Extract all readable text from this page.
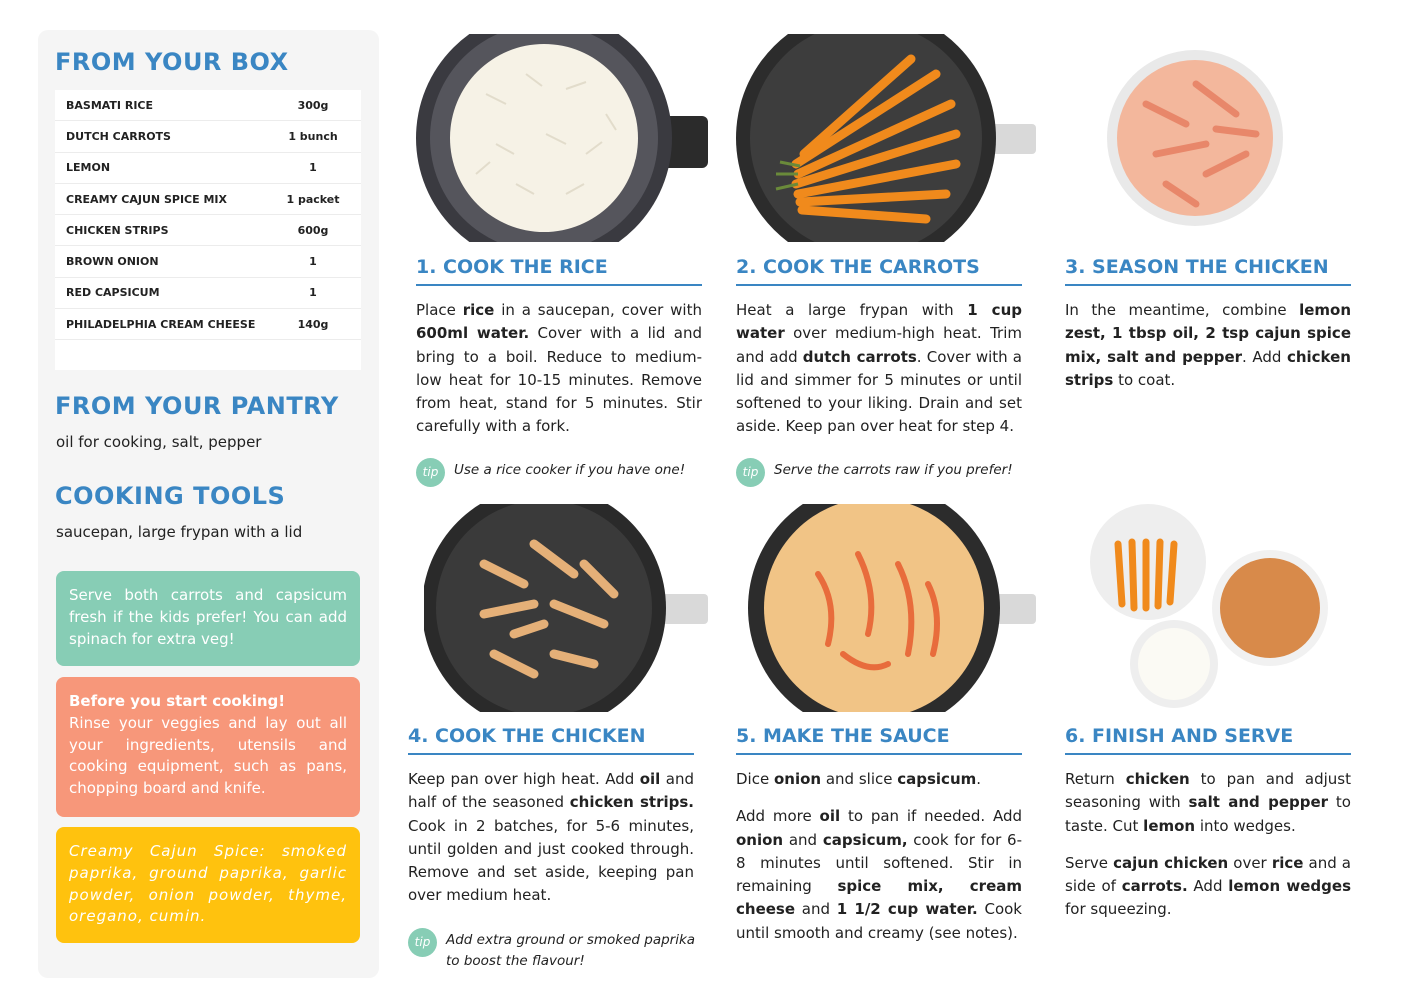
FROM YOUR BOX
BASMATI RICE	300g
DUTCH CARROTS	1 bunch
LEMON	1
CREAMY CAJUN SPICE MIX	1 packet
CHICKEN STRIPS	600g
BROWN ONION	1
RED CAPSICUM	1
PHILADELPHIA CREAM CHEESE	140g
FROM YOUR PANTRY
oil for cooking, salt, pepper
COOKING TOOLS
saucepan, large frypan with a lid
Serve both carrots and capsicum fresh if the kids prefer! You can add spinach for extra veg!
Before you start cooking!
Rinse your veggies and lay out all your ingredients, utensils and cooking equipment, such as pans, chopping board and knife.
Creamy Cajun Spice: smoked paprika, ground paprika, garlic powder, onion powder, thyme, oregano, cumin.
1. COOK THE RICE
Place rice in a saucepan, cover with 600ml water. Cover with a lid and bring to a boil. Reduce to medium-low heat for 10-15 minutes. Remove from heat, stand for 5 minutes. Stir carefully with a fork.
tip	Use a rice cooker if you have one!
2. COOK THE CARROTS
Heat a large frypan with 1 cup water over medium-high heat. Trim and add dutch carrots. Cover with a lid and simmer for 5 minutes or until softened to your liking. Drain and set aside. Keep pan over heat for step 4.
tip	Serve the carrots raw if you prefer!
3. SEASON THE CHICKEN
In the meantime, combine lemon zest, 1 tbsp oil, 2 tsp cajun spice mix, salt and pepper. Add chicken strips to coat.
4. COOK THE CHICKEN
Keep pan over high heat. Add oil and half of the seasoned chicken strips. Cook in 2 batches, for 5-6 minutes, until golden and just cooked through. Remove and set aside, keeping pan over medium heat.
tip	Add extra ground or smoked paprika to boost the flavour!
5. MAKE THE SAUCE

Dice onion and slice capsicum.

Add more oil to pan if needed. Add onion and capsicum, cook for for 6-8 minutes until softened. Stir in remaining spice mix, cream cheese and 1 1/2 cup water. Cook until smooth and creamy (see notes).

6. FINISH AND SERVE

Return chicken to pan and adjust seasoning with salt and pepper to taste. Cut lemon into wedges.

Serve cajun chicken over rice and a side of carrots. Add lemon wedges for squeezing.
